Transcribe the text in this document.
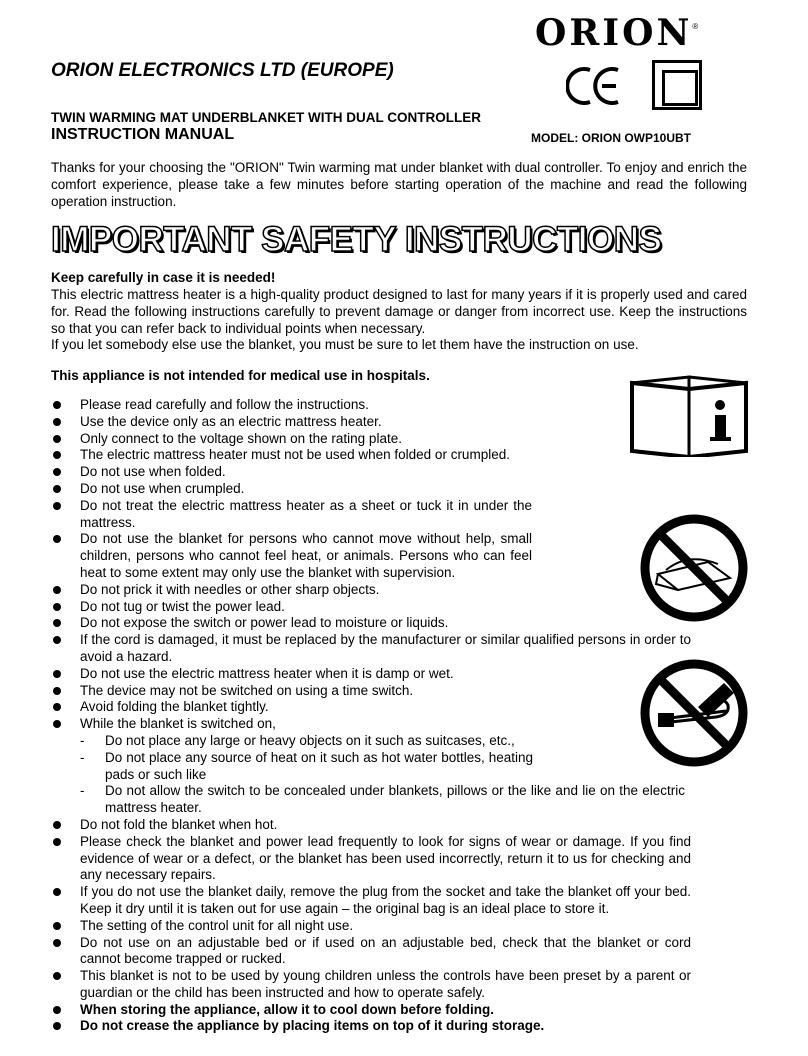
ORION ELECTRONICS LTD (EUROPE)
TWIN WARMING MAT UNDERBLANKET WITH DUAL CONTROLLER
INSTRUCTION MANUAL	MODEL: ORION OWP10UBT
ORION®
Thanks for your choosing the "ORION" Twin warming mat under blanket with dual controller. To enjoy and enrich the comfort experience, please take a few minutes before starting operation of the machine and read the following operation instruction.
IMPORTANT SAFETY INSTRUCTIONS
Keep carefully in case it is needed!
This electric mattress heater is a high-quality product designed to last for many years if it is properly used and cared for. Read the following instructions carefully to prevent damage or danger from incorrect use. Keep the instructions so that you can refer back to individual points when necessary.
If you let somebody else use the blanket, you must be sure to let them have the instruction on use.
This appliance is not intended for medical use in hospitals.
Please read carefully and follow the instructions.
Use the device only as an electric mattress heater.
Only connect to the voltage shown on the rating plate.
The electric mattress heater must not be used when folded or crumpled.
Do not use when folded.
Do not use when crumpled.
Do not treat the electric mattress heater as a sheet or tuck it in under the mattress.
Do not use the blanket for persons who cannot move without help, small children, persons who cannot feel heat, or animals. Persons who can feel heat to some extent may only use the blanket with supervision.
Do not prick it with needles or other sharp objects.
Do not tug or twist the power lead.
Do not expose the switch or power lead to moisture or liquids.
If the cord is damaged, it must be replaced by the manufacturer or similar qualified persons in order to avoid a hazard.
Do not use the electric mattress heater when it is damp or wet.
The device may not be switched on using a time switch.
Avoid folding the blanket tightly.
While the blanket is switched on,
- Do not place any large or heavy objects on it such as suitcases, etc.,
- Do not place any source of heat on it such as hot water bottles, heating pads or such like
- Do not allow the switch to be concealed under blankets, pillows or the like and lie on the electric mattress heater.
Do not fold the blanket when hot.
Please check the blanket and power lead frequently to look for signs of wear or damage. If you find evidence of wear or a defect, or the blanket has been used incorrectly, return it to us for checking and any necessary repairs.
If you do not use the blanket daily, remove the plug from the socket and take the blanket off your bed. Keep it dry until it is taken out for use again – the original bag is an ideal place to store it.
The setting of the control unit for all night use.
Do not use on an adjustable bed or if used on an adjustable bed, check that the blanket or cord cannot become trapped or rucked.
This blanket is not to be used by young children unless the controls have been preset by a parent or guardian or the child has been instructed and how to operate safely.
When storing the appliance, allow it to cool down before folding.
Do not crease the appliance by placing items on top of it during storage.
